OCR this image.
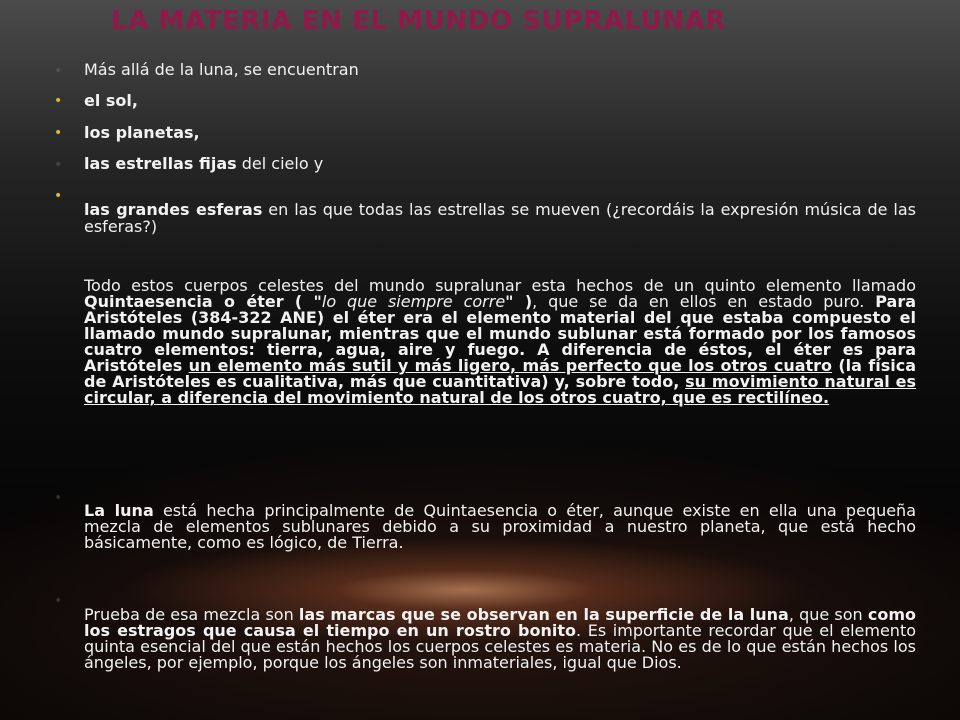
LA MATERIA EN EL MUNDO SUPRALUNAR
• Más allá de la luna, se encuentran
• el sol,
• los planetas,
• las estrellas fijas del cielo y
•

las grandes esferas en las que todas las estrellas se mueven (¿recordáis la expresión música de las esferas?)

Todo estos cuerpos celestes del mundo supralunar esta hechos de un quinto elemento llamado Quintaesencia o éter ( "lo que siempre corre" ), que se da en ellos en estado puro. Para Aristóteles (384-322 ANE) el éter era el elemento material del que estaba compuesto el llamado mundo supralunar, mientras que el mundo sublunar está formado por los famosos cuatro elementos: tierra, agua, aire y fuego. A diferencia de éstos, el éter es para Aristóteles un elemento más sutil y más ligero, más perfecto que los otros cuatro (la física de Aristóteles es cualitativa, más que cuantitativa) y, sobre todo, su movimiento natural es circular, a diferencia del movimiento natural de los otros cuatro, que es rectilíneo.

•

La luna está hecha principalmente de Quintaesencia o éter, aunque existe en ella una pequeña mezcla de elementos sublunares debido a su proximidad a nuestro planeta, que está hecho básicamente, como es lógico, de Tierra.

•

Prueba de esa mezcla son las marcas que se observan en la superficie de la luna, que son como los estragos que causa el tiempo en un rostro bonito. Es importante recordar que el elemento quinta esencial del que están hechos los cuerpos celestes es materia. No es de lo que están hechos los ángeles, por ejemplo, porque los ángeles son inmateriales, igual que Dios.
